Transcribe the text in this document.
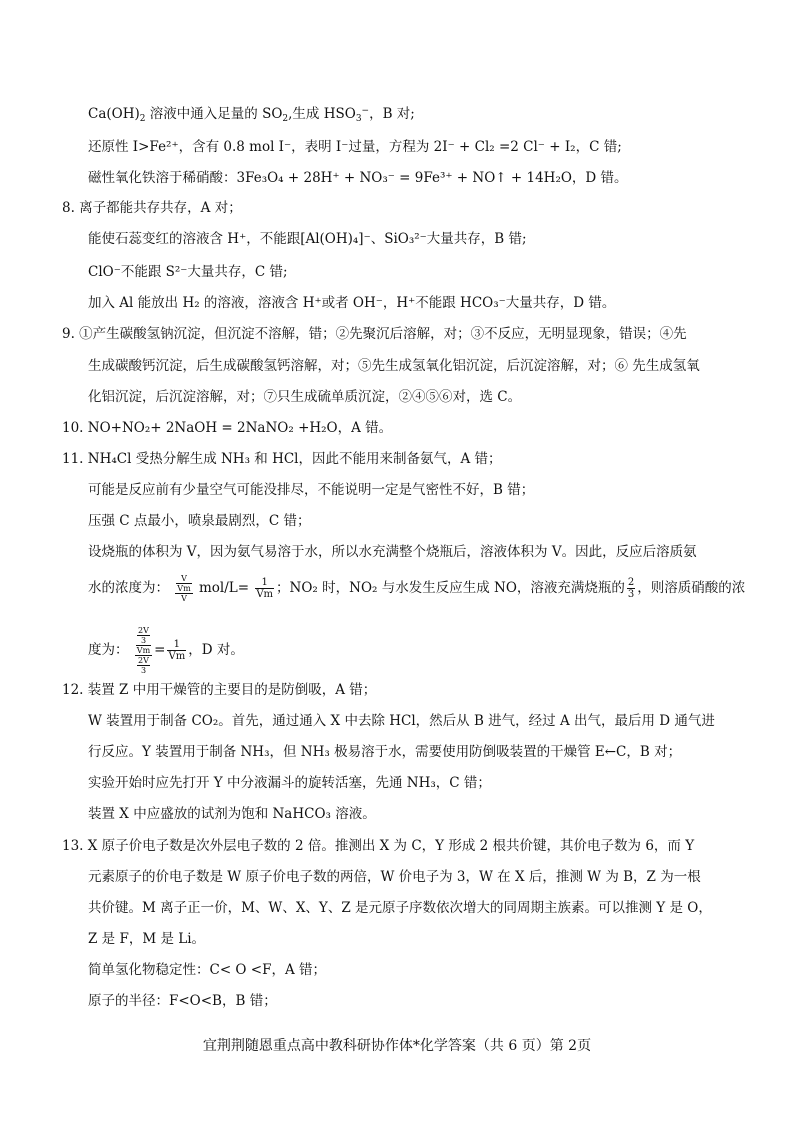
$Ca(OH)_2$ 溶液中通入足量的 $SO_2$,生成 $HSO_3^-$，B 对;
还原性 I>Fe²⁺，含有 0.8 mol I⁻，表明 I⁻过量，方程为 2I⁻ + Cl₂ =2 Cl⁻ + I₂，C 错;
磁性氧化铁溶于稀硝酸：3Fe₃O₄ + 28H⁺ + NO₃⁻ = 9Fe³⁺ + NO↑ + 14H₂O，D 错。
8. 离子都能共存共存，A 对；
能使石蕊变红的溶液含 H⁺，不能跟[Al(OH)₄]⁻、SiO₃²⁻大量共存，B 错;
ClO⁻不能跟 S²⁻大量共存，C 错;
加入 Al 能放出 H₂ 的溶液，溶液含 H⁺或者 OH⁻，H⁺不能跟 HCO₃⁻大量共存，D 错。
9. ①产生碳酸氢钠沉淀，但沉淀不溶解，错；②先聚沉后溶解，对；③不反应，无明显现象，错误；④先
生成碳酸钙沉淀，后生成碳酸氢钙溶解，对；⑤先生成氢氧化铝沉淀，后沉淀溶解，对；⑥ 先生成氢氧
化铝沉淀，后沉淀溶解，对；⑦只生成硫单质沉淀，②④⑤⑥对，选 C。
10. NO+NO₂+ 2NaOH = 2NaNO₂ +H₂O，A 错。
11. NH₄Cl 受热分解生成 NH₃ 和 HCl，因此不能用来制备氨气，A 错；
可能是反应前有少量空气可能没排尽，不能说明一定是气密性不好，B 错；
压强 C 点最小，喷泉最剧烈，C 错；
设烧瓶的体积为 V，因为氨气易溶于水，所以水充满整个烧瓶后，溶液体积为 V。因此，反应后溶质氨
水的浓度为： V
Vm
V $mol/L= \frac{1}{Vm}$ ；NO₂ 时，NO₂ 与水发生反应生成 NO，溶液充满烧瓶的 $\frac{2}{3}$ ，则溶质硝酸的浓
度为： 2V
3
Vm
$\frac{2V}{3} = \frac{1}{Vm}$ ，D 对。
12. 装置 Z 中用干燥管的主要目的是防倒吸，A 错；
W 装置用于制备 CO₂。首先，通过通入 X 中去除 HCl，然后从 B 进气，经过 A 出气，最后用 D 通气进
行反应。Y 装置用于制备 NH₃，但 NH₃ 极易溶于水，需要使用防倒吸装置的干燥管 E←C，B 对；
实验开始时应先打开 Y 中分液漏斗的旋转活塞，先通 NH₃，C 错；
装置 X 中应盛放的试剂为饱和 NaHCO₃ 溶液。
13. X 原子价电子数是次外层电子数的 2 倍。推测出 X 为 C，Y 形成 2 根共价键，其价电子数为 6，而 Y
元素原子的价电子数是 W 原子价电子数的两倍，W 价电子为 3，W 在 X 后，推测 W 为 B，Z 为一根
共价键。M 离子正一价，M、W、X、Y、Z 是元原子序数依次增大的同周期主族素。可以推测 Y 是 O，
Z 是 F，M 是 Li。
简单氢化物稳定性：C< O <F，A 错；
原子的半径：F<O<B，B 错；
宜荆荆随恩重点高中教科研协作体*化学答案（共 6 页）第 2页
